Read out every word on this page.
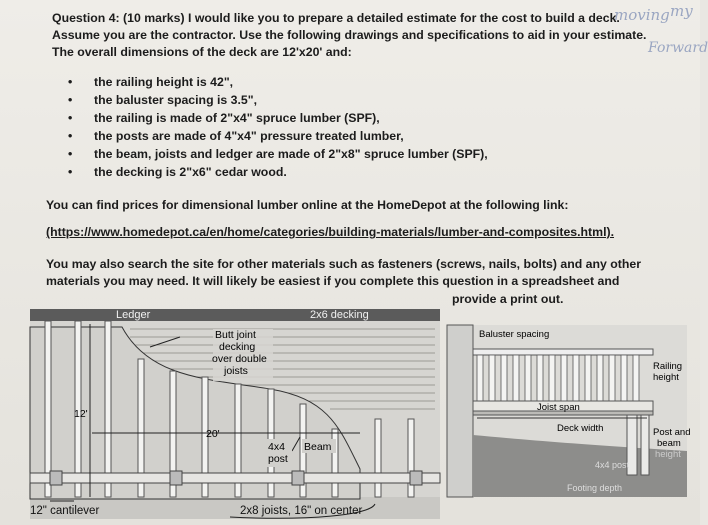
Question 4: (10 marks) I would like you to prepare a detailed estimate for the cost to build a deck. Assume you are the contractor. Use the following drawings and specifications to aid in your estimate. The overall dimensions of the deck are 12'x20' and:
• the railing height is 42",
• the baluster spacing is 3.5",
• the railing is made of 2"x4" spruce lumber (SPF),
• the posts are made of 4"x4" pressure treated lumber,
• the beam, joists and ledger are made of 2"x8" spruce lumber (SPF),
• the decking is 2"x6" cedar wood.
You can find prices for dimensional lumber online at the HomeDepot at the following link:
(https://www.homedepot.ca/en/home/categories/building-materials/lumber-and-composites.html).
You may also search the site for other materials such as fasteners (screws, nails, bolts) and any other materials you may need. It will likely be easiest if you complete this question in a spreadsheet and
provide a print out.
moving my
Forward
Ledger	2x6 decking
Butt joint
decking
over double
joists
12'
20'
4x4
post
Beam
12" cantilever	2x8 joists, 16" on center
Baluster spacing
Railing
height
Joist span
Deck width	Post and
beam
height
4x4 post
Footing depth
